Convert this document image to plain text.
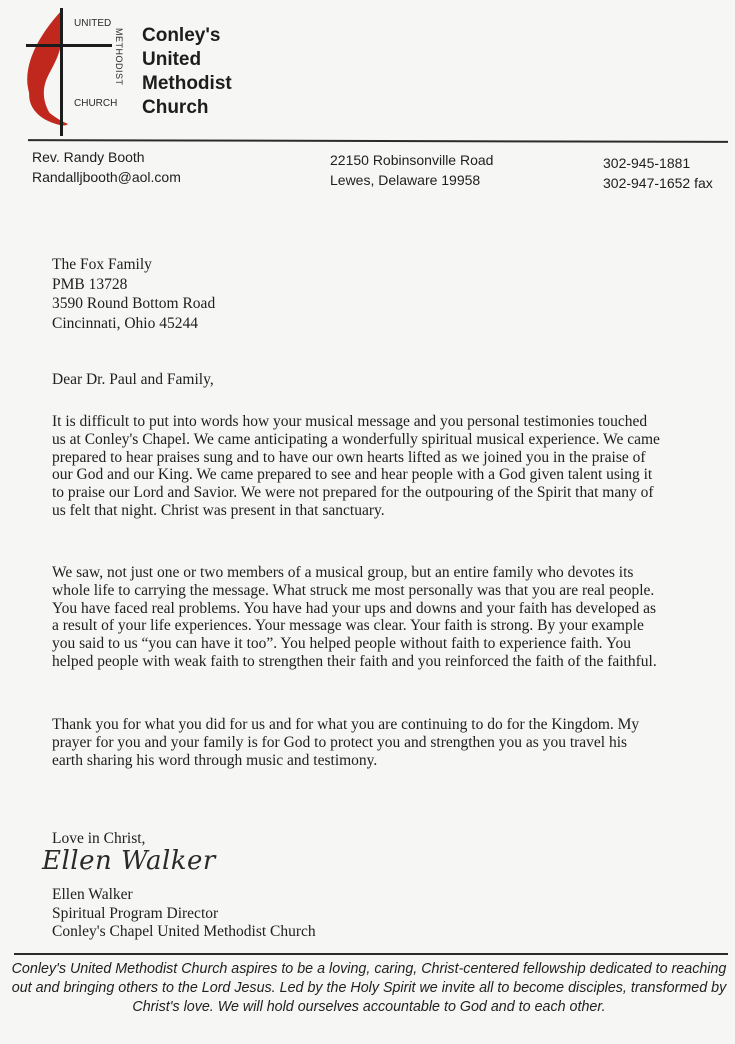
UNITED
METHODIST
CHURCH
Conley's
United
Methodist
Church
Rev. Randy Booth
Randalljbooth@aol.com
22150 Robinsonville Road
Lewes, Delaware 19958
302-945-1881
302-947-1652 fax
The Fox Family
PMB 13728
3590 Round Bottom Road
Cincinnati, Ohio 45244
Dear Dr. Paul and Family,
It is difficult to put into words how your musical message and you personal testimonies touched us at Conley's Chapel. We came anticipating a wonderfully spiritual musical experience. We came prepared to hear praises sung and to have our own hearts lifted as we joined you in the praise of our God and our King. We came prepared to see and hear people with a God given talent using it to praise our Lord and Savior. We were not prepared for the outpouring of the Spirit that many of us felt that night. Christ was present in that sanctuary.
We saw, not just one or two members of a musical group, but an entire family who devotes its whole life to carrying the message. What struck me most personally was that you are real people. You have faced real problems. You have had your ups and downs and your faith has developed as a result of your life experiences. Your message was clear. Your faith is strong. By your example you said to us “you can have it too”. You helped people without faith to experience faith. You helped people with weak faith to strengthen their faith and you reinforced the faith of the faithful.
Thank you for what you did for us and for what you are continuing to do for the Kingdom. My prayer for you and your family is for God to protect you and strengthen you as you travel his earth sharing his word through music and testimony.
Love in Christ,
Ellen Walker
Ellen Walker
Spiritual Program Director
Conley's Chapel United Methodist Church
Conley's United Methodist Church aspires to be a loving, caring, Christ-centered fellowship dedicated to reaching out and bringing others to the Lord Jesus. Led by the Holy Spirit we invite all to become disciples, transformed by Christ's love. We will hold ourselves accountable to God and to each other.
